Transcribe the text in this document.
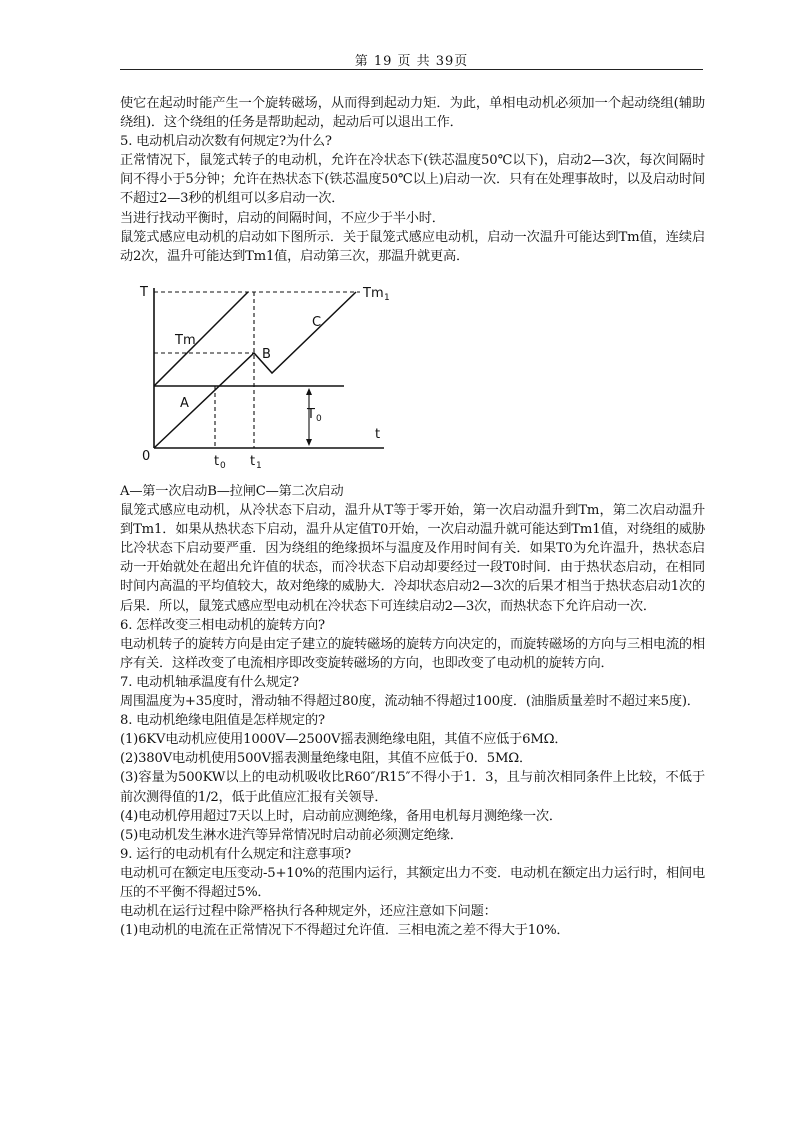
第 19 页 共 39页

使它在起动时能产生一个旋转磁场，从而得到起动力矩．为此，单相电动机必须加一个起动绕组(辅助绕组)．这个绕组的任务是帮助起动，起动后可以退出工作．

5. 电动机启动次数有何规定?为什么?

正常情况下，鼠笼式转子的电动机，允许在冷状态下(铁芯温度50℃以下)，启动2—3次，每次间隔时间不得小于5分钟；允许在热状态下(铁芯温度50℃以上)启动一次．只有在处理事故时，以及启动时间不超过2—3秒的机组可以多启动一次．

当进行找动平衡时，启动的间隔时间，不应少于半小时．

鼠笼式感应电动机的启动如下图所示．关于鼠笼式感应电动机，启动一次温升可能达到Tm值，连续启动2次，温升可能达到Tm1值，启动第三次，那温升就更高．

T
t
0
Tm 1
Tm
A
B
C
T 0
t 0 t 1

A—第一次启动B—拉闸C—第二次启动

鼠笼式感应电动机，从冷状态下启动，温升从T等于零开始，第一次启动温升到Tm，第二次启动温升到Tm1．如果从热状态下启动，温升从定值T0开始，一次启动温升就可能达到Tm1值，对绕组的威胁比冷状态下启动要严重．因为绕组的绝缘损坏与温度及作用时间有关．如果T0为允许温升，热状态启动一开始就处在超出允许值的状态，而冷状态下启动却要经过一段T0时间．由于热状态启动，在相同时间内高温的平均值较大，故对绝缘的威胁大．冷却状态启动2—3次的后果才相当于热状态启动1次的后果．所以，鼠笼式感应型电动机在冷状态下可连续启动2—3次，而热状态下允许启动一次．

6. 怎样改变三相电动机的旋转方向?

电动机转子的旋转方向是由定子建立的旋转磁场的旋转方向决定的，而旋转磁场的方向与三相电流的相序有关．这样改变了电流相序即改变旋转磁场的方向，也即改变了电动机的旋转方向．

7. 电动机轴承温度有什么规定?

周围温度为+35度时，滑动轴不得超过80度，流动轴不得超过100度．(油脂质量差时不超过来5度)．

8. 电动机绝缘电阻值是怎样规定的?

(1)6KV电动机应使用1000V—2500V摇表测绝缘电阻，其值不应低于6MΩ．

(2)380V电动机使用500V摇表测量绝缘电阻，其值不应低于0．5MΩ．

(3)容量为500KW以上的电动机吸收比R60″/R15″不得小于1．3，且与前次相同条件上比较，不低于前次测得值的1/2，低于此值应汇报有关领导．

(4)电动机停用超过7天以上时，启动前应测绝缘，备用电机每月测绝缘一次．

(5)电动机发生淋水进汽等异常情况时启动前必须测定绝缘．

9. 运行的电动机有什么规定和注意事项?

电动机可在额定电压变动-5+10%的范围内运行，其额定出力不变．电动机在额定出力运行时，相间电压的不平衡不得超过5%．

电动机在运行过程中除严格执行各种规定外，还应注意如下问题：

(1)电动机的电流在正常情况下不得超过允许值．三相电流之差不得大于10%．
